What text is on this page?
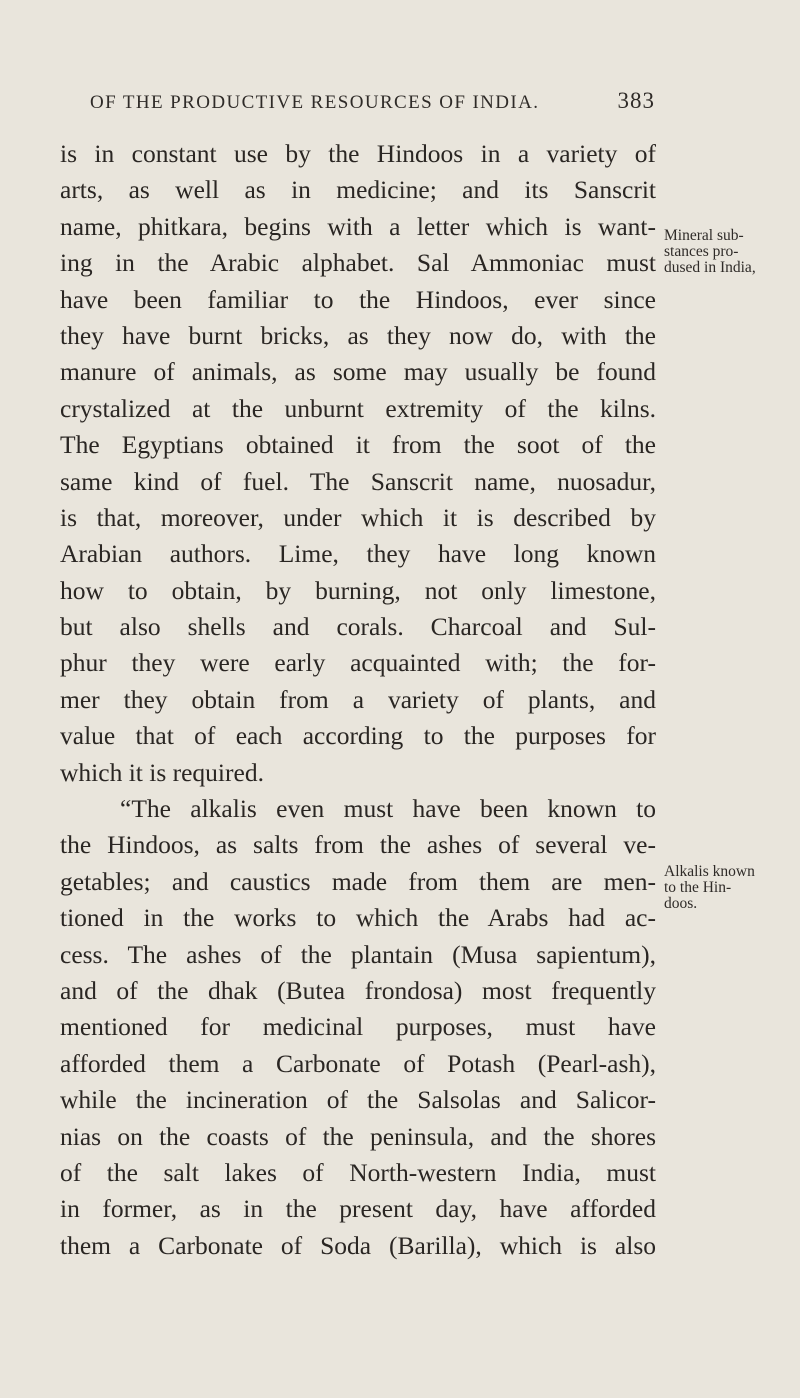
OF THE PRODUCTIVE RESOURCES OF INDIA.	383
is in constant use by the Hindoos in a variety of
arts, as well as in medicine; and its Sanscrit
name, phitkara, begins with a letter which is want-
ing in the Arabic alphabet. Sal Ammoniac must
have been familiar to the Hindoos, ever since
they have burnt bricks, as they now do, with the
manure of animals, as some may usually be found
crystalized at the unburnt extremity of the kilns.
The Egyptians obtained it from the soot of the
same kind of fuel. The Sanscrit name, nuosadur,
is that, moreover, under which it is described by
Arabian authors. Lime, they have long known
how to obtain, by burning, not only limestone,
but also shells and corals. Charcoal and Sul-
phur they were early acquainted with; the for-
mer they obtain from a variety of plants, and
value that of each according to the purposes for
which it is required.
“The alkalis even must have been known to
the Hindoos, as salts from the ashes of several ve-
getables; and caustics made from them are men-
tioned in the works to which the Arabs had ac-
cess. The ashes of the plantain (Musa sapientum),
and of the dhak (Butea frondosa) most frequently
mentioned for medicinal purposes, must have
afforded them a Carbonate of Potash (Pearl-ash),
while the incineration of the Salsolas and Salicor-
nias on the coasts of the peninsula, and the shores
of the salt lakes of North-western India, must
in former, as in the present day, have afforded
them a Carbonate of Soda (Barilla), which is also
Mineral sub-
stances pro-
dused in India,
Alkalis known
to the Hin-
doos.
